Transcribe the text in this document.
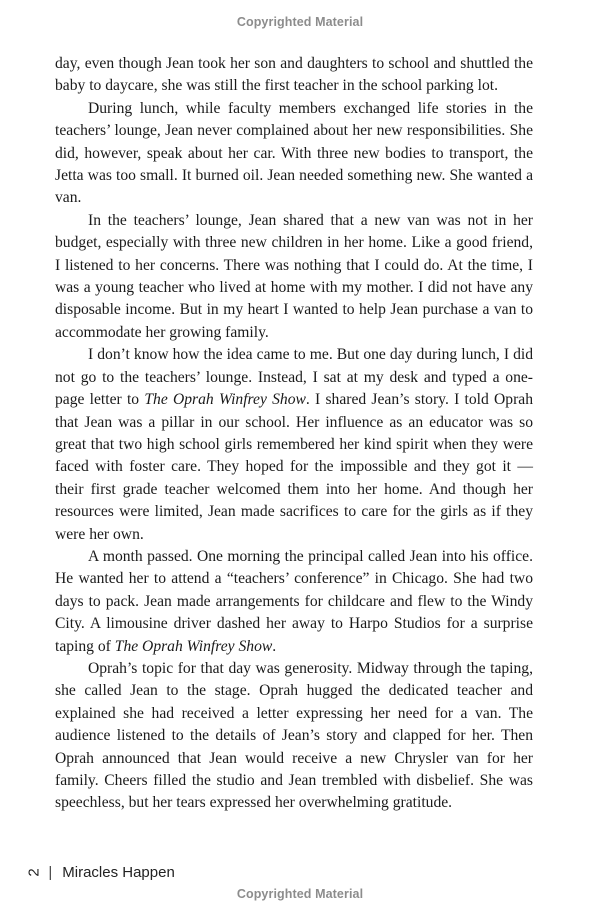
Copyrighted Material

day, even though Jean took her son and daughters to school and shuttled the baby to daycare, she was still the first teacher in the school parking lot.

During lunch, while faculty members exchanged life stories in the teachers’ lounge, Jean never complained about her new responsibilities. She did, however, speak about her car. With three new bodies to transport, the Jetta was too small. It burned oil. Jean needed something new. She wanted a van.

In the teachers’ lounge, Jean shared that a new van was not in her budget, especially with three new children in her home. Like a good friend, I listened to her concerns. There was nothing that I could do. At the time, I was a young teacher who lived at home with my mother. I did not have any disposable income. But in my heart I wanted to help Jean purchase a van to accommodate her growing family.

I don’t know how the idea came to me. But one day during lunch, I did not go to the teachers’ lounge. Instead, I sat at my desk and typed a one-page letter to The Oprah Winfrey Show. I shared Jean’s story. I told Oprah that Jean was a pillar in our school. Her influence as an educator was so great that two high school girls remembered her kind spirit when they were faced with foster care. They hoped for the impossible and they got it — their first grade teacher welcomed them into her home. And though her resources were limited, Jean made sacrifices to care for the girls as if they were her own.

A month passed. One morning the principal called Jean into his office. He wanted her to attend a “teachers’ conference” in Chicago. She had two days to pack. Jean made arrangements for childcare and flew to the Windy City. A limousine driver dashed her away to Harpo Studios for a surprise taping of The Oprah Winfrey Show.

Oprah’s topic for that day was generosity. Midway through the taping, she called Jean to the stage. Oprah hugged the dedicated teacher and explained she had received a letter expressing her need for a van. The audience listened to the details of Jean’s story and clapped for her. Then Oprah announced that Jean would receive a new Chrysler van for her family. Cheers filled the studio and Jean trembled with disbelief. She was speechless, but her tears expressed her overwhelming gratitude.

2 | Miracles Happen
Copyrighted Material
